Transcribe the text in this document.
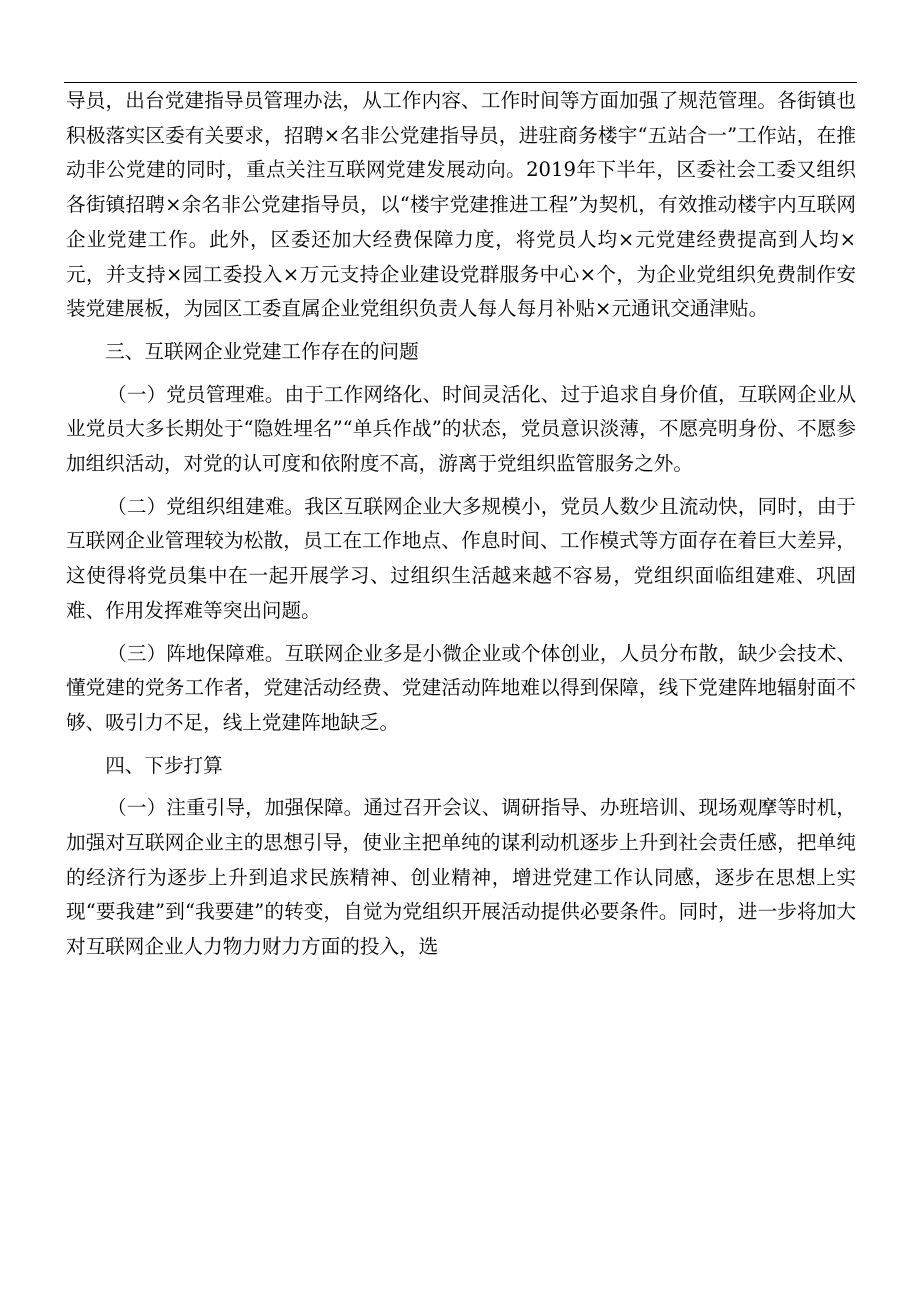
导员，出台党建指导员管理办法，从工作内容、工作时间等方面加强了规范管理。各街镇也积极落实区委有关要求，招聘×名非公党建指导员，进驻商务楼宇“五站合一”工作站，在推动非公党建的同时，重点关注互联网党建发展动向。2019年下半年，区委社会工委又组织各街镇招聘×余名非公党建指导员，以“楼宇党建推进工程”为契机，有效推动楼宇内互联网企业党建工作。此外，区委还加大经费保障力度，将党员人均×元党建经费提高到人均×元，并支持×园工委投入×万元支持企业建设党群服务中心×个，为企业党组织免费制作安装党建展板，为园区工委直属企业党组织负责人每人每月补贴×元通讯交通津贴。

三、互联网企业党建工作存在的问题

（一）党员管理难。由于工作网络化、时间灵活化、过于追求自身价值，互联网企业从业党员大多长期处于“隐姓埋名”“单兵作战”的状态，党员意识淡薄，不愿亮明身份、不愿参加组织活动，对党的认可度和依附度不高，游离于党组织监管服务之外。

（二）党组织组建难。我区互联网企业大多规模小，党员人数少且流动快，同时，由于互联网企业管理较为松散，员工在工作地点、作息时间、工作模式等方面存在着巨大差异，这使得将党员集中在一起开展学习、过组织生活越来越不容易，党组织面临组建难、巩固难、作用发挥难等突出问题。

（三）阵地保障难。互联网企业多是小微企业或个体创业，人员分布散，缺少会技术、懂党建的党务工作者，党建活动经费、党建活动阵地难以得到保障，线下党建阵地辐射面不够、吸引力不足，线上党建阵地缺乏。

四、下步打算

（一）注重引导，加强保障。通过召开会议、调研指导、办班培训、现场观摩等时机，加强对互联网企业主的思想引导，使业主把单纯的谋利动机逐步上升到社会责任感，把单纯的经济行为逐步上升到追求民族精神、创业精神，增进党建工作认同感，逐步在思想上实现“要我建”到“我要建”的转变，自觉为党组织开展活动提供必要条件。同时，进一步将加大对互联网企业人力物力财力方面的投入，选
